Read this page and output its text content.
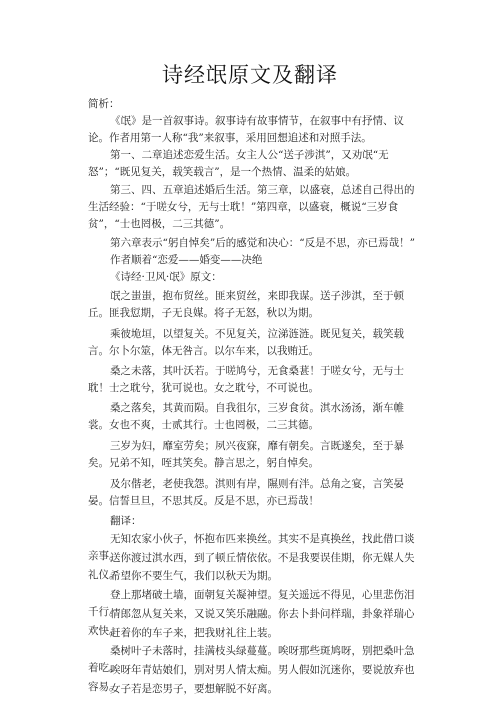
诗经氓原文及翻译

简析：

《氓》是一首叙事诗。叙事诗有故事情节，在叙事中有抒情、议论。作者用第一人称“我”来叙事，采用回想追述和对照手法。

第一、二章追述恋爱生活。女主人公“送子涉淇”，又劝氓“无怒”；“既见复关，载笑载言”，是一个热情、温柔的姑娘。

第三、四、五章追述婚后生活。第三章，以盛衰，总述自己得出的生活经验：“于嗟女兮，无与士耽！”第四章，以盛衰，概说“三岁食贫”，“士也罔极，二三其德”。

第六章表示“躬自悼矣”后的感觉和决心：“反是不思，亦已焉哉！”

作者顺着“恋爱——婚变——决绝

《诗经·卫风·氓》原文：

氓之蚩蚩，抱布贸丝。匪来贸丝，来即我谋。送子涉淇，至于顿丘。匪我愆期，子无良媒。将子无怒，秋以为期。

乘彼垝垣，以望复关。不见复关，泣涕涟涟。既见复关，载笑载言。尔卜尔筮，体无咎言。以尔车来，以我贿迁。

桑之未落，其叶沃若。于嗟鸠兮，无食桑葚！于嗟女兮，无与士耽！士之耽兮，犹可说也。女之耽兮，不可说也。

桑之落矣，其黄而陨。自我徂尔，三岁食贫。淇水汤汤，渐车帷裳。女也不爽，士贰其行。士也罔极，二三其德。

三岁为妇，靡室劳矣；夙兴夜寐，靡有朝矣。言既遂矣，至于暴矣。兄弟不知，咥其笑矣。静言思之，躬自悼矣。

及尔偕老，老使我怨。淇则有岸，隰则有泮。总角之宴，言笑晏晏。信誓旦旦，不思其反。反是不思，亦已焉哉！

翻译：

无知农家小伙子，怀抱布匹来换丝。其实不是真换丝，找此借口谈亲事。

送你渡过淇水西，到了顿丘情依依。不是我要误佳期，你无媒人失礼仪。

希望你不要生气，我们以秋天为期。

登上那堵破土墙，面朝复关凝神望。复关遥远不得见，心里悲伤泪千行。

情郎忽从复关来，又说又笑乐融融。你去卜卦问样瑞，卦象祥瑞心欢快。

赶着你的车子来，把我财礼往上装。

桑树叶子未落时，挂满枝头绿蔓蔓。唉呀那些斑鸠呀，别把桑叶急着吃。

唉呀年青姑娘们，别对男人情太痴。男人假如沉迷你，要说放弃也容易。

女子若是恋男子，要想解脱不好离。
